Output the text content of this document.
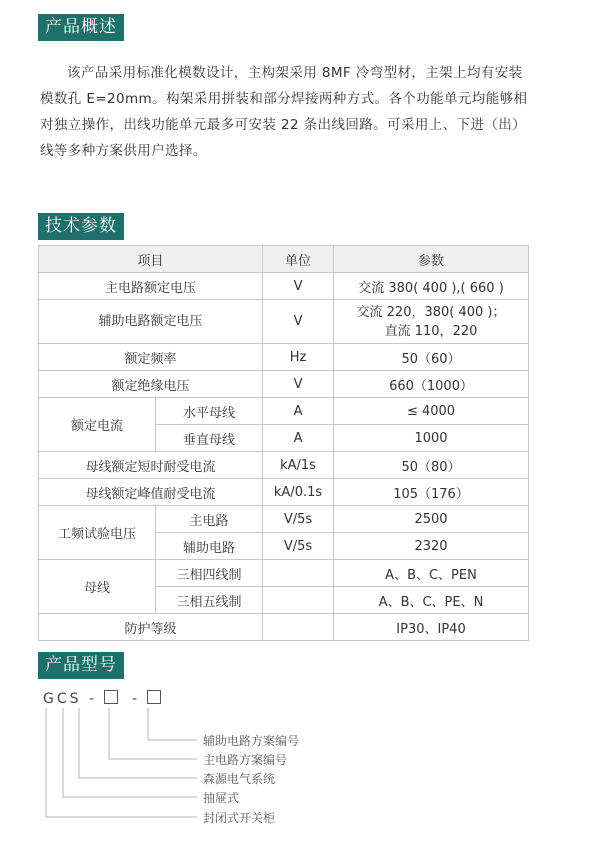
产品概述

该产品采用标准化模数设计，主构架采用 8MF 冷弯型材，主架上均有安装模数孔 E=20mm。构架采用拼装和部分焊接两种方式。各个功能单元均能够相对独立操作，出线功能单元最多可安装 22 条出线回路。可采用上、下进（出）线等多种方案供用户选择。

技术参数
项目		单位	参数
主电路额定电压		V	交流 380( 400 ),( 660 )
辅助电路额定电压		V	交流 220，380( 400 )；
直流 110，220

额定频率		Hz	50（60）
额定绝缘电压		V	660（1000）
额定电流	水平母线	A	≤ 4000
	垂直母线	A	1000
母线额定短时耐受电流		kA/1s	50（80）
母线额定峰值耐受电流		kA/0.1s	105（176）
工频试验电压	主电路	V/5s	2500
	辅助电路	V/5s	2320
母线	三相四线制		A、B、C、PEN
	三相五线制		A、B、C、PE、N
防护等级			IP30、IP40
产品型号
GCS - -
辅助电路方案编号
主电路方案编号
森源电气系统
抽屉式
封闭式开关柜
